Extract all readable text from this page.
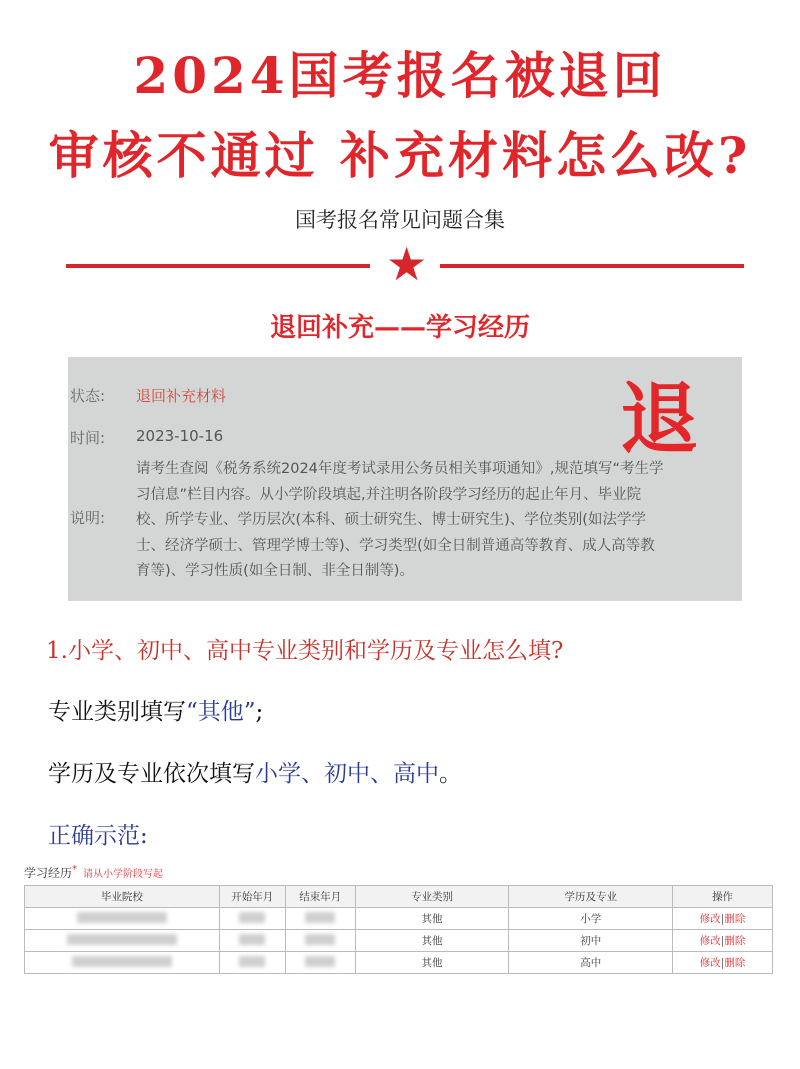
2024国考报名被退回
审核不通过 补充材料怎么改?
国考报名常见问题合集
★
退回补充——学习经历
状态: 退回补充材料
时间: 2023-10-16
说明:
请考生查阅《税务系统2024年度考试录用公务员相关事项通知》,规范填写“考生学习信息”栏目内容。从小学阶段填起,并注明各阶段学习经历的起止年月、毕业院校、所学专业、学历层次(本科、硕士研究生、博士研究生)、学位类别(如法学学士、经济学硕士、管理学博士等)、学习类型(如全日制普通高等教育、成人高等教育等)、学习性质(如全日制、非全日制等)。
退
1.小学、初中、高中专业类别和学历及专业怎么填?
专业类别填写“其他”;
学历及专业依次填写小学、初中、高中。
正确示范:
学习经历* 请从小学阶段写起
毕业院校	开始年月	结束年月	专业类别	学历及专业	操作
			其他	小学	修改|删除
			其他	初中	修改|删除
			其他	高中	修改|删除
